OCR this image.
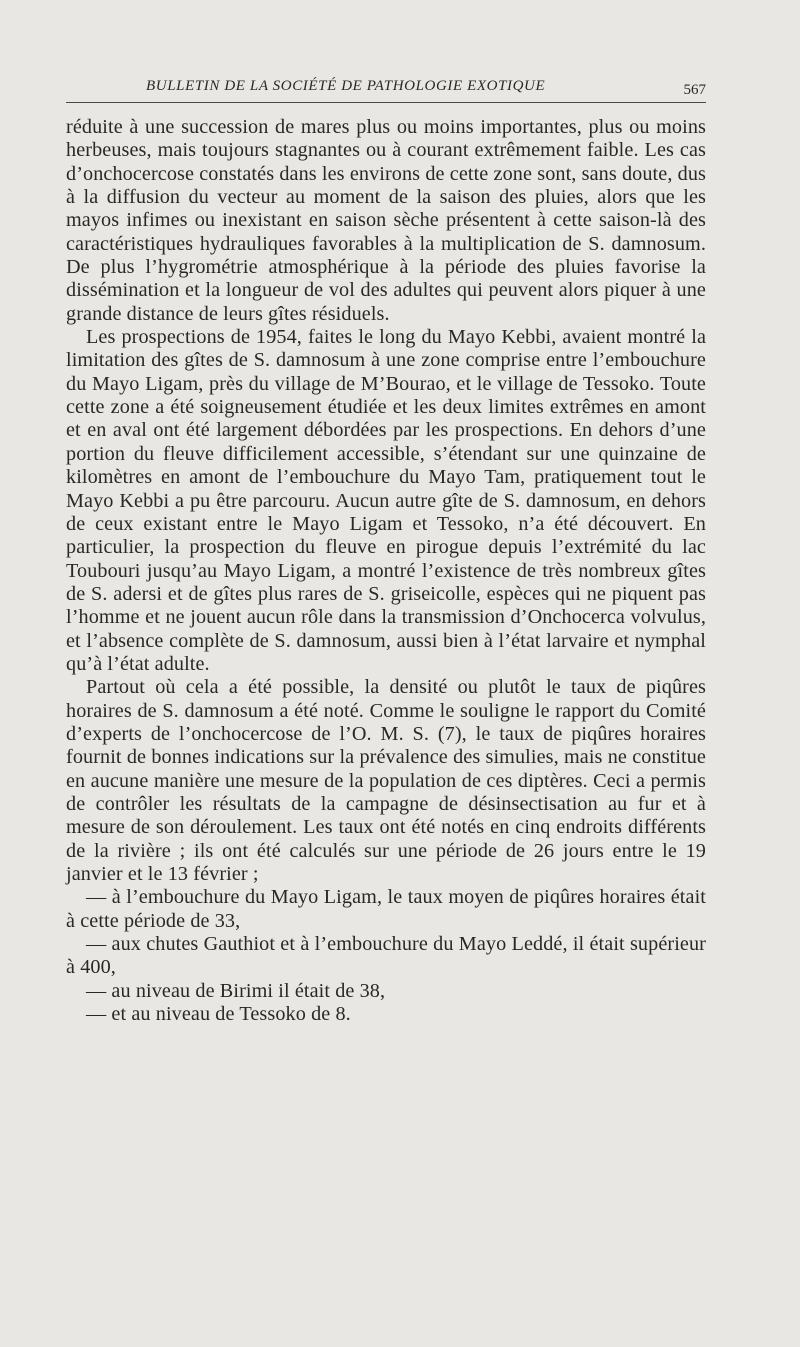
BULLETIN DE LA SOCIÉTÉ DE PATHOLOGIE EXOTIQUE	567

réduite à une succession de mares plus ou moins importantes, plus ou moins herbeuses, mais toujours stagnantes ou à courant extrêmement faible. Les cas d’onchocercose constatés dans les environs de cette zone sont, sans doute, dus à la diffusion du vecteur au moment de la saison des pluies, alors que les mayos infimes ou inexistant en saison sèche présentent à cette saison-là des caractéristiques hydrauliques favorables à la multiplication de S. damnosum. De plus l’hygrométrie atmosphérique à la période des pluies favorise la dissémination et la longueur de vol des adultes qui peuvent alors piquer à une grande distance de leurs gîtes résiduels.

Les prospections de 1954, faites le long du Mayo Kebbi, avaient montré la limitation des gîtes de S. damnosum à une zone comprise entre l’embouchure du Mayo Ligam, près du village de M’Bourao, et le village de Tessoko. Toute cette zone a été soigneusement étudiée et les deux limites extrêmes en amont et en aval ont été largement débordées par les prospections. En dehors d’une portion du fleuve difficilement accessible, s’étendant sur une quinzaine de kilomètres en amont de l’embouchure du Mayo Tam, pratiquement tout le Mayo Kebbi a pu être parcouru. Aucun autre gîte de S. damnosum, en dehors de ceux existant entre le Mayo Ligam et Tessoko, n’a été découvert. En particulier, la prospection du fleuve en pirogue depuis l’extrémité du lac Toubouri jusqu’au Mayo Ligam, a montré l’existence de très nombreux gîtes de S. adersi et de gîtes plus rares de S. griseicolle, espèces qui ne piquent pas l’homme et ne jouent aucun rôle dans la transmission d’Onchocerca volvulus, et l’absence complète de S. damnosum, aussi bien à l’état larvaire et nymphal qu’à l’état adulte.

Partout où cela a été possible, la densité ou plutôt le taux de piqûres horaires de S. damnosum a été noté. Comme le souligne le rapport du Comité d’experts de l’onchocercose de l’O. M. S. (7), le taux de piqûres horaires fournit de bonnes indications sur la prévalence des simulies, mais ne constitue en aucune manière une mesure de la population de ces diptères. Ceci a permis de contrôler les résultats de la campagne de désinsectisation au fur et à mesure de son déroulement. Les taux ont été notés en cinq endroits différents de la rivière ; ils ont été calculés sur une période de 26 jours entre le 19 janvier et le 13 février ;

— à l’embouchure du Mayo Ligam, le taux moyen de piqûres horaires était à cette période de 33,

— aux chutes Gauthiot et à l’embouchure du Mayo Leddé, il était supérieur à 400,

— au niveau de Birimi il était de 38,

— et au niveau de Tessoko de 8.
